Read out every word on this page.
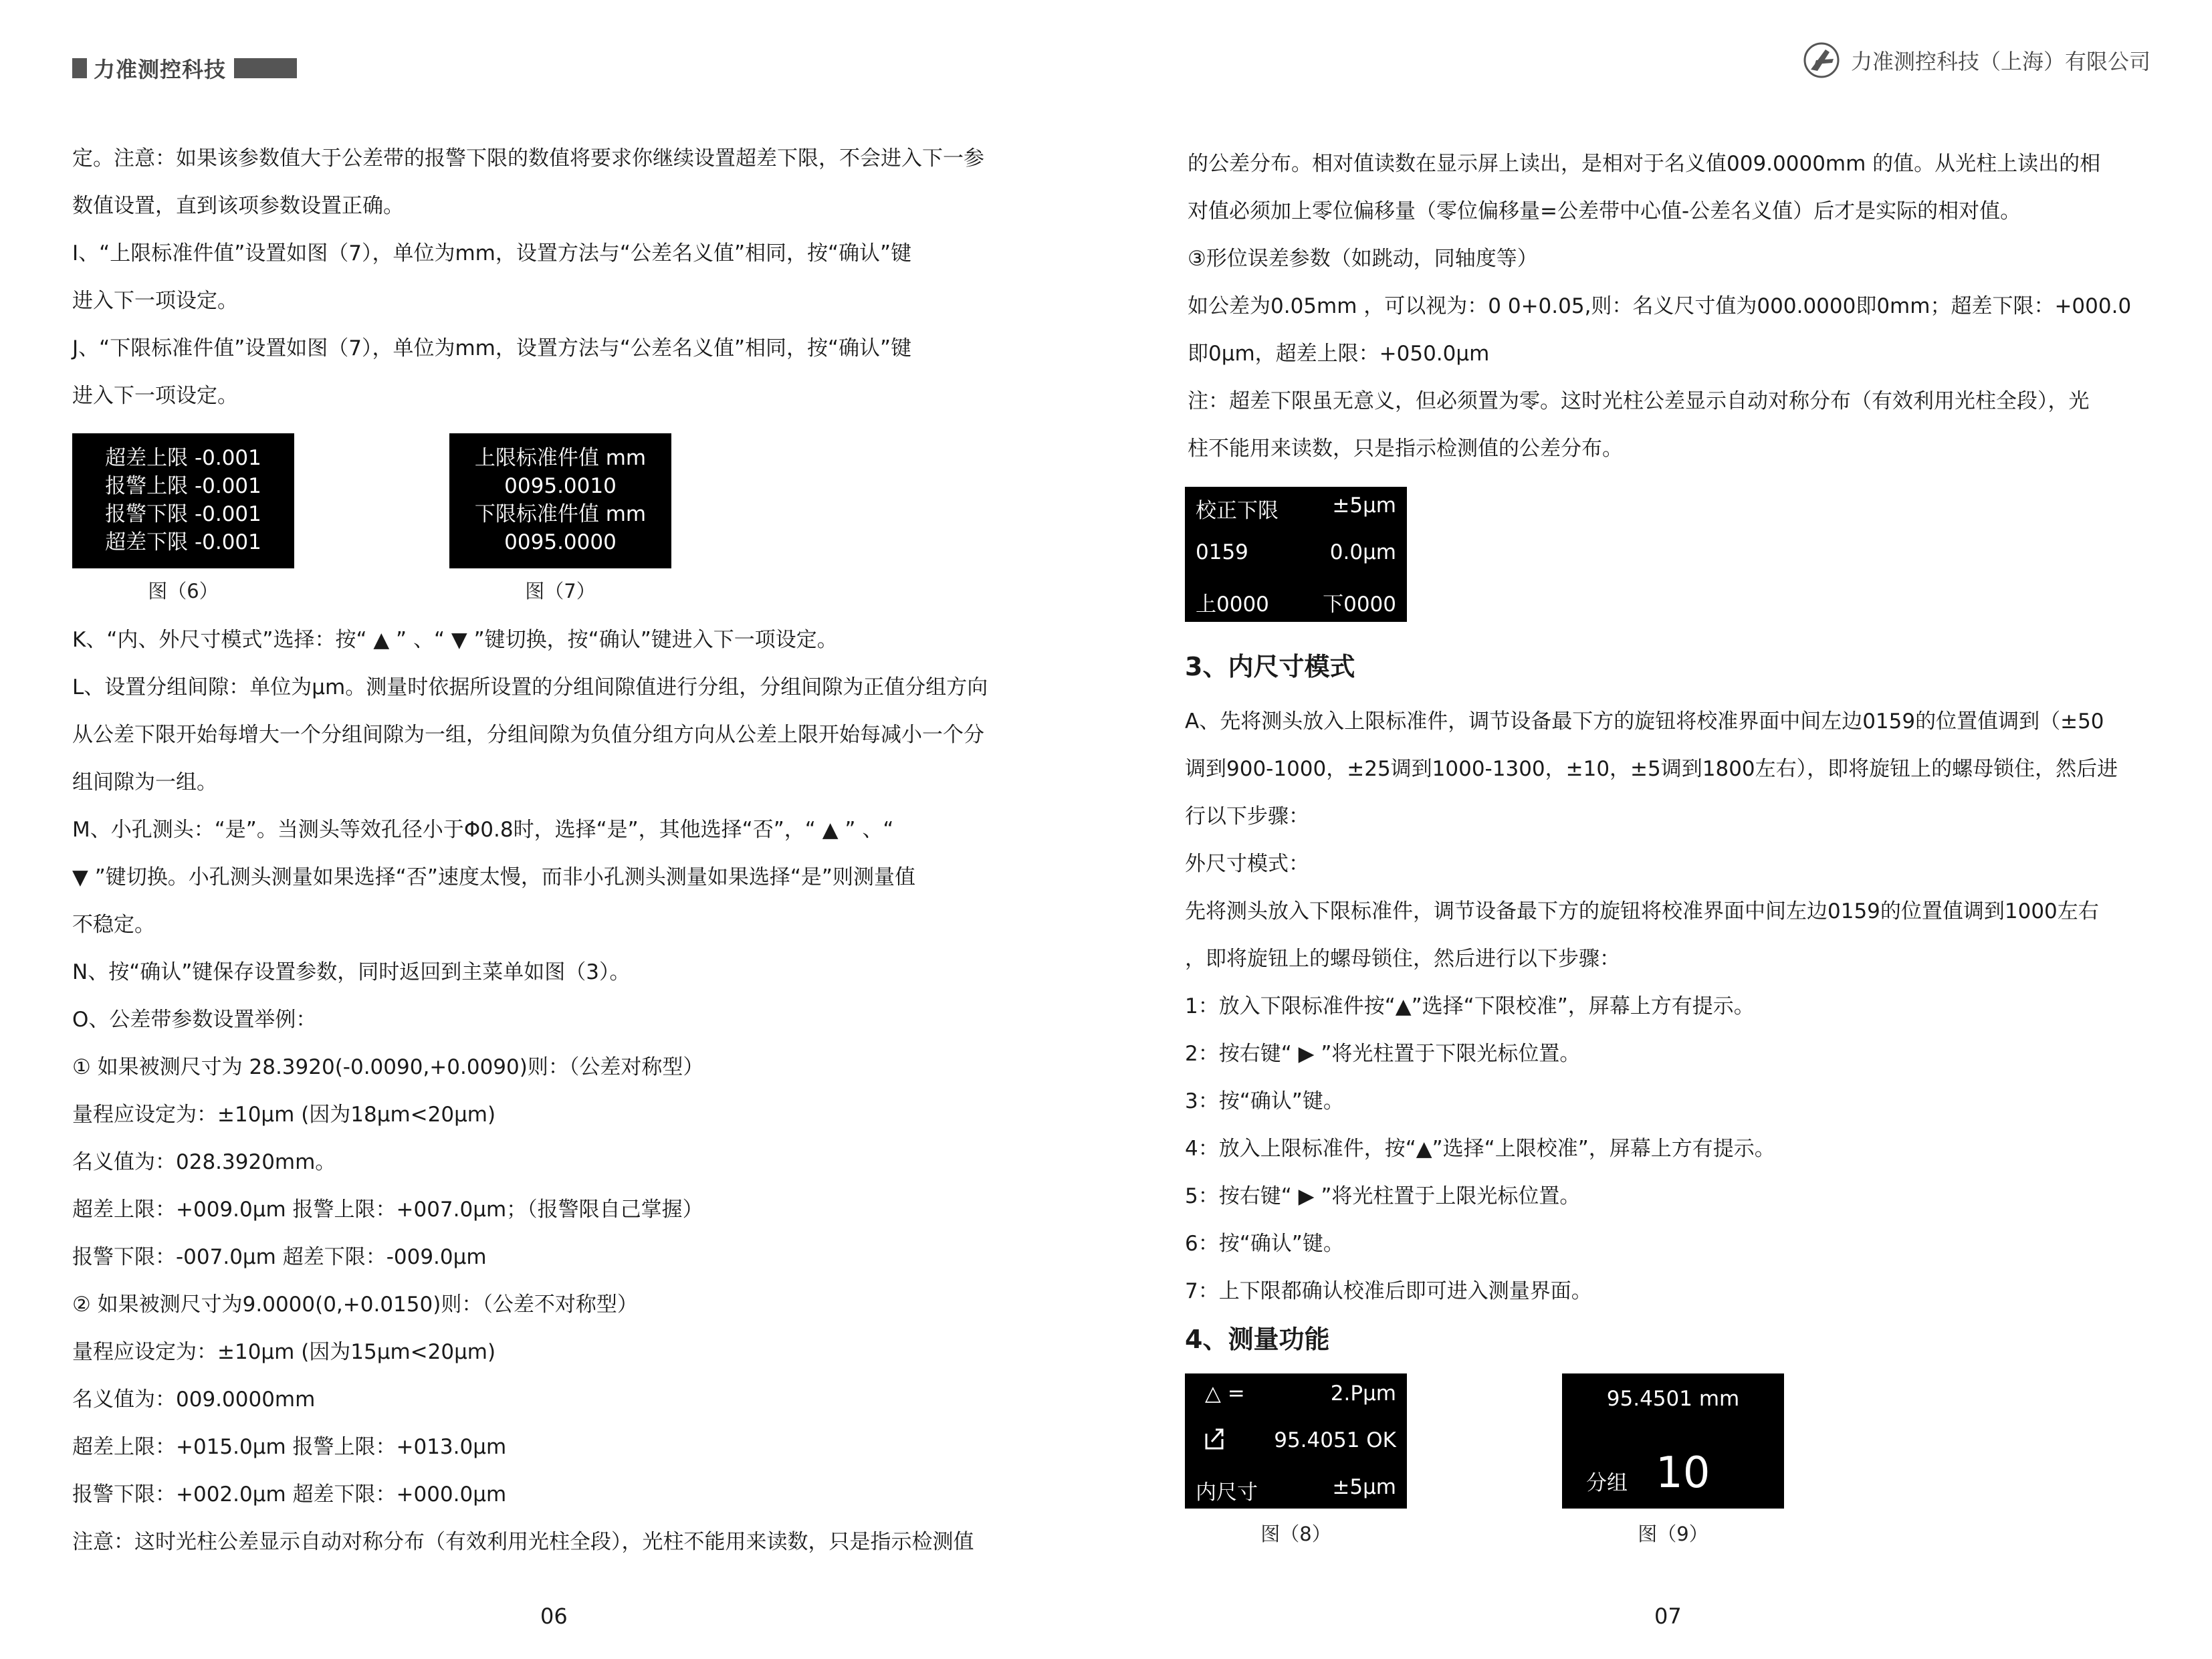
力准测控科技	力准测控科技（上海）有限公司

定。注意：如果该参数值大于公差带的报警下限的数值将要求你继续设置超差下限，不会进入下一参

数值设置，直到该项参数设置正确。

I、“上限标准件值”设置如图（7），单位为mm，设置方法与“公差名义值”相同，按“确认”键

进入下一项设定。

J、“下限标准件值”设置如图（7），单位为mm，设置方法与“公差名义值”相同，按“确认”键

进入下一项设定。

超差上限 -0.001
报警上限 -0.001
报警下限 -0.001
超差下限 -0.001
图（6）
上限标准件值 mm
0095.0010
下限标准件值 mm
0095.0000
图（7）

K、“内、外尺寸模式”选择：按“ ▲ ” 、“ ▼ ”键切换，按“确认”键进入下一项设定。

L、设置分组间隙：单位为μm。测量时依据所设置的分组间隙值进行分组，分组间隙为正值分组方向

从公差下限开始每增大一个分组间隙为一组，分组间隙为负值分组方向从公差上限开始每减小一个分

组间隙为一组。

M、小孔测头：“是”。当测头等效孔径小于Φ0.8时，选择“是”，其他选择“否”，“ ▲ ” 、“

▼ ”键切换。小孔测头测量如果选择“否”速度太慢，而非小孔测头测量如果选择“是”则测量值

不稳定。

N、按“确认”键保存设置参数，同时返回到主菜单如图（3）。

O、公差带参数设置举例：

① 如果被测尺寸为 28.3920(-0.0090,+0.0090)则：（公差对称型）

量程应设定为：±10μm (因为18μm<20μm)

名义值为：028.3920mm。

超差上限：+009.0μm 报警上限：+007.0μm；（报警限自己掌握）

报警下限：-007.0μm 超差下限：-009.0μm

② 如果被测尺寸为9.0000(0,+0.0150)则：（公差不对称型）

量程应设定为：±10μm (因为15μm<20μm)

名义值为：009.0000mm

超差上限：+015.0μm 报警上限：+013.0μm

报警下限：+002.0μm 超差下限：+000.0μm

注意：这时光柱公差显示自动对称分布（有效利用光柱全段），光柱不能用来读数，只是指示检测值

06

的公差分布。相对值读数在显示屏上读出，是相对于名义值009.0000mm 的值。从光柱上读出的相

对值必须加上零位偏移量（零位偏移量=公差带中心值-公差名义值）后才是实际的相对值。

③形位误差参数（如跳动，同轴度等）

如公差为0.05mm ，可以视为：0 0+0.05,则：名义尺寸值为000.0000即0mm；超差下限：+000.0

即0μm，超差上限：+050.0μm

注：超差下限虽无意义，但必须置为零。这时光柱公差显示自动对称分布（有效利用光柱全段），光

柱不能用来读数，只是指示检测值的公差分布。

校正下限	±5μm
0159	0.0μm
上0000	下0000
3、内尺寸模式

A、先将测头放入上限标准件，调节设备最下方的旋钮将校准界面中间左边0159的位置值调到（±50

调到900-1000，±25调到1000-1300，±10，±5调到1800左右），即将旋钮上的螺母锁住，然后进

行以下步骤：

外尺寸模式：

先将测头放入下限标准件，调节设备最下方的旋钮将校准界面中间左边0159的位置值调到1000左右

，即将旋钮上的螺母锁住，然后进行以下步骤：

1：放入下限标准件按“▲”选择“下限校准”，屏幕上方有提示。

2：按右键“ ▶ ”将光柱置于下限光标位置。

3：按“确认”键。

4：放入上限标准件，按“▲”选择“上限校准”，屏幕上方有提示。

5：按右键“ ▶ ”将光柱置于上限光标位置。

6：按“确认”键。

7：上下限都确认校准后即可进入测量界面。

4、测量功能
△ =	2.Pμm
95.4051 OK
内尺寸	±5μm
图（8）
95.4501 mm
分组 10
图（9）
07
